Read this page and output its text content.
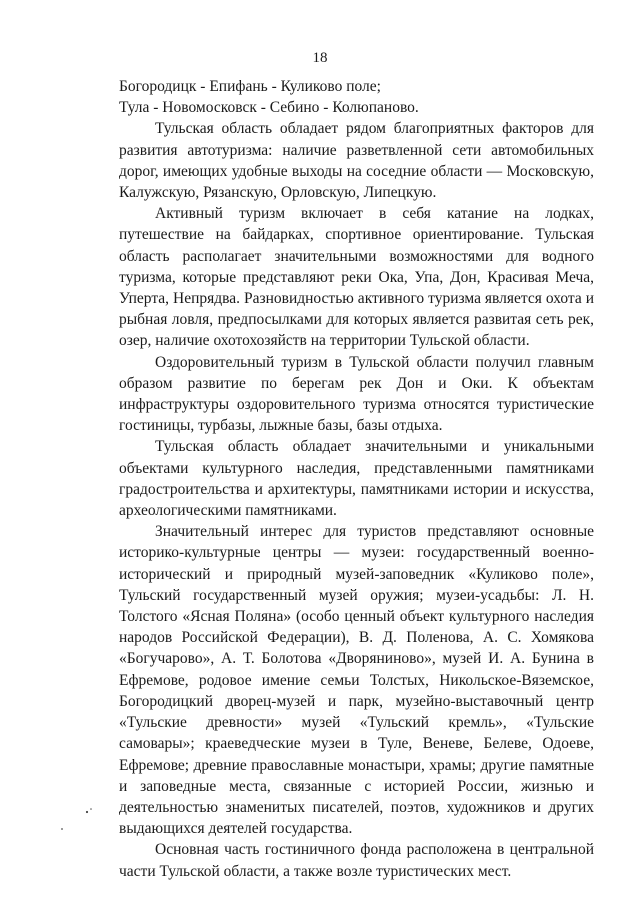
18

Богородицк - Епифань - Куликово поле;

Тула - Новомосковск - Себино - Колюпаново.

Тульская область обладает рядом благоприятных факторов для развития автотуризма: наличие разветвленной сети автомобильных дорог, имеющих удобные выходы на соседние области — Московскую, Калужскую, Рязанскую, Орловскую, Липецкую.

Активный туризм включает в себя катание на лодках, путешествие на байдарках, спортивное ориентирование. Тульская область располагает значительными возможностями для водного туризма, которые представляют реки Ока, Упа, Дон, Красивая Меча, Уперта, Непрядва. Разновидностью активного туризма является охота и рыбная ловля, предпосылками для которых является развитая сеть рек, озер, наличие охотохозяйств на территории Тульской области.

Оздоровительный туризм в Тульской области получил главным образом развитие по берегам рек Дон и Оки. К объектам инфраструктуры оздоровительного туризма относятся туристические гостиницы, турбазы, лыжные базы, базы отдыха.

Тульская область обладает значительными и уникальными объектами культурного наследия, представленными памятниками градостроительства и архитектуры, памятниками истории и искусства, археологическими памятниками.

Значительный интерес для туристов представляют основные историко-культурные центры — музеи: государственный военно-исторический и природный музей-заповедник «Куликово поле», Тульский государственный музей оружия; музеи-усадьбы: Л. Н. Толстого «Ясная Поляна» (особо ценный объект культурного наследия народов Российской Федерации), В. Д. Поленова, А. С. Хомякова «Богучарово», А. Т. Болотова «Дворяниново», музей И. А. Бунина в Ефремове, родовое имение семьи Толстых, Никольское-Вяземское, Богородицкий дворец-музей и парк, музейно-выставочный центр «Тульские древности» музей «Тульский кремль», «Тульские самовары»; краеведческие музеи в Туле, Веневе, Белеве, Одоеве, Ефремове; древние православные монастыри, храмы; другие памятные и заповедные места, связанные с историей России, жизнью и деятельностью знаменитых писателей, поэтов, художников и других выдающихся деятелей государства.

Основная часть гостиничного фонда расположена в центральной части Тульской области, а также возле туристических мест.
